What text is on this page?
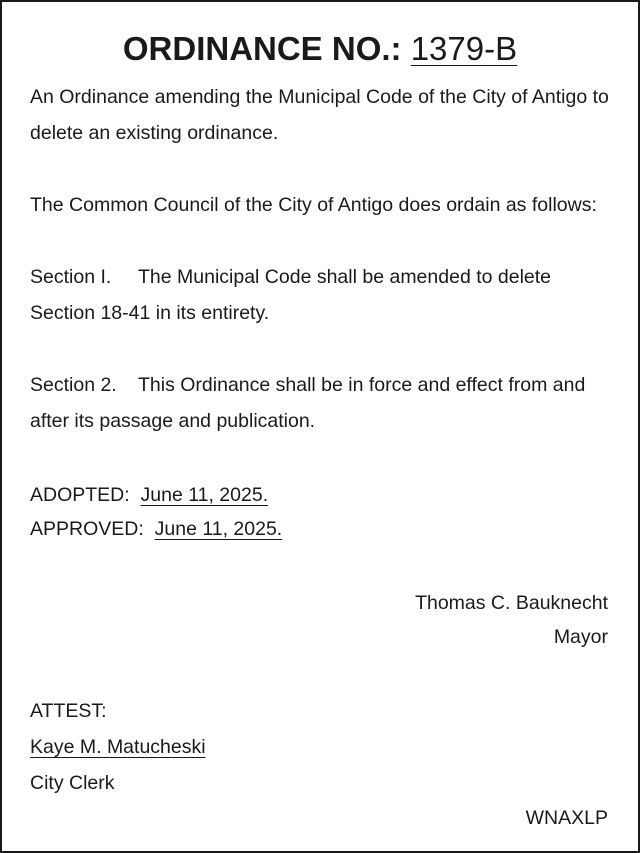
ORDINANCE NO.: 1379-B
An Ordinance amending the Municipal Code of the City of Antigo to
delete an existing ordinance.
The Common Council of the City of Antigo does ordain as follows:
Section I. The Municipal Code shall be amended to delete
Section 18-41 in its entirety.
Section 2. This Ordinance shall be in force and effect from and
after its passage and publication.
ADOPTED: June 11, 2025.
APPROVED: June 11, 2025.
Thomas C. Bauknecht
Mayor
ATTEST:
Kaye M. Matucheski
City Clerk
WNAXLP
